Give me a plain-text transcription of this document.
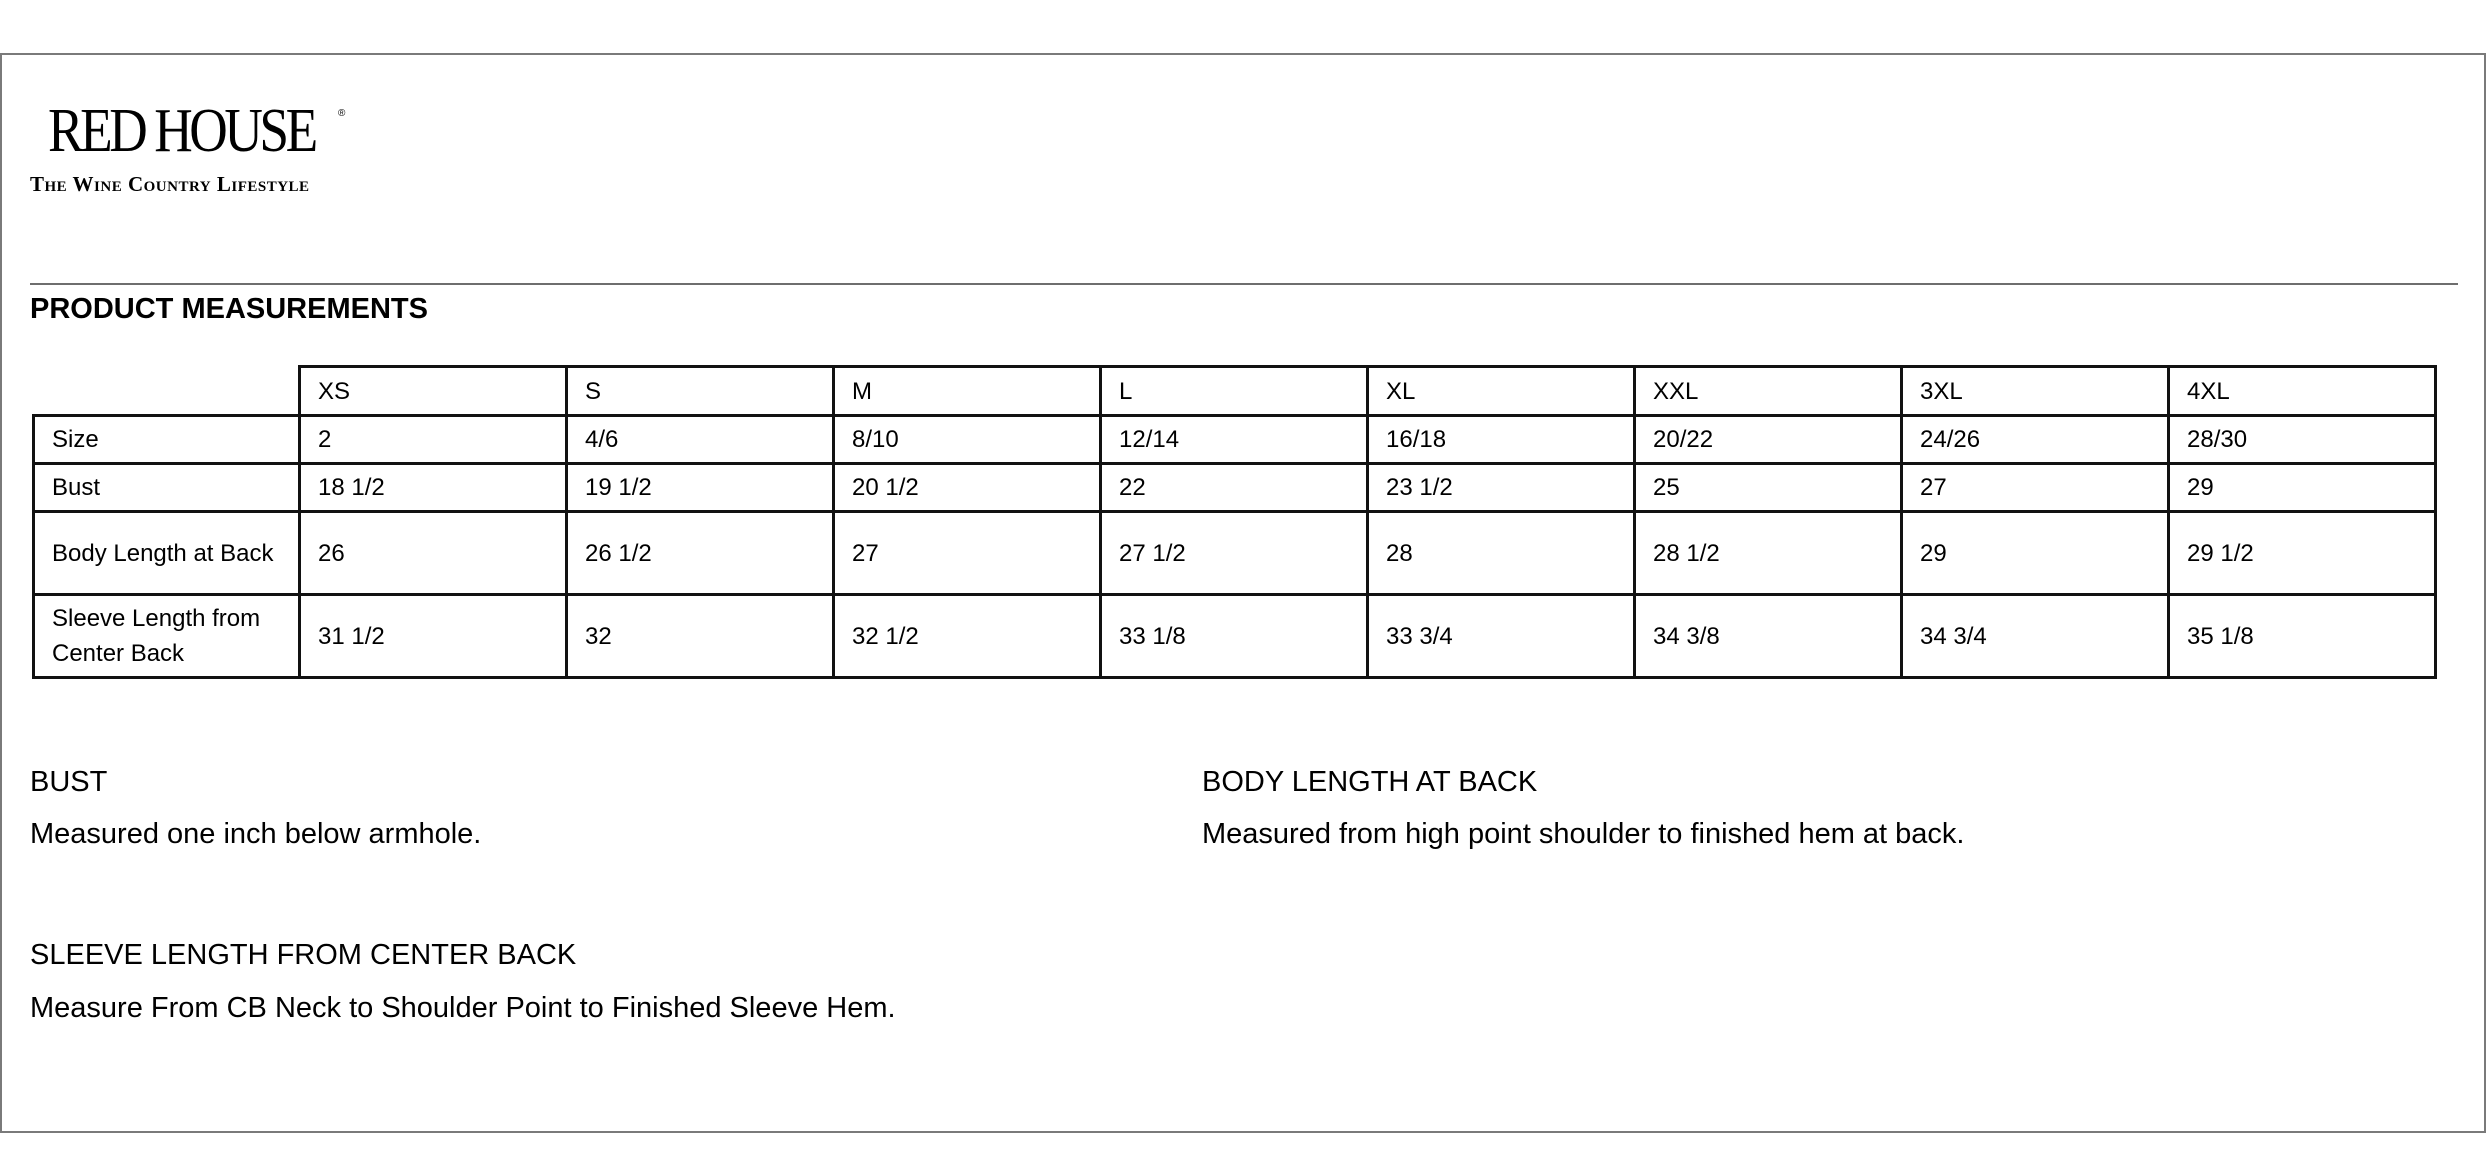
RED HOUSE ®
The Wine Country Lifestyle
PRODUCT MEASUREMENTS
	XS	S	M	L	XL	XXL	3XL	4XL
Size	2	4/6	8/10	12/14	16/18	20/22	24/26	28/30
Bust	18 1/2	19 1/2	20 1/2	22	23 1/2	25	27	29
Body Length at Back	26	26 1/2	27	27 1/2	28	28 1/2	29	29 1/2
Sleeve Length from Center Back	31 1/2	32	32 1/2	33 1/8	33 3/4	34 3/8	34 3/4	35 1/8
BUST
Measured one inch below armhole.
BODY LENGTH AT BACK
Measured from high point shoulder to finished hem at back.
SLEEVE LENGTH FROM CENTER BACK
Measure From CB Neck to Shoulder Point to Finished Sleeve Hem.
